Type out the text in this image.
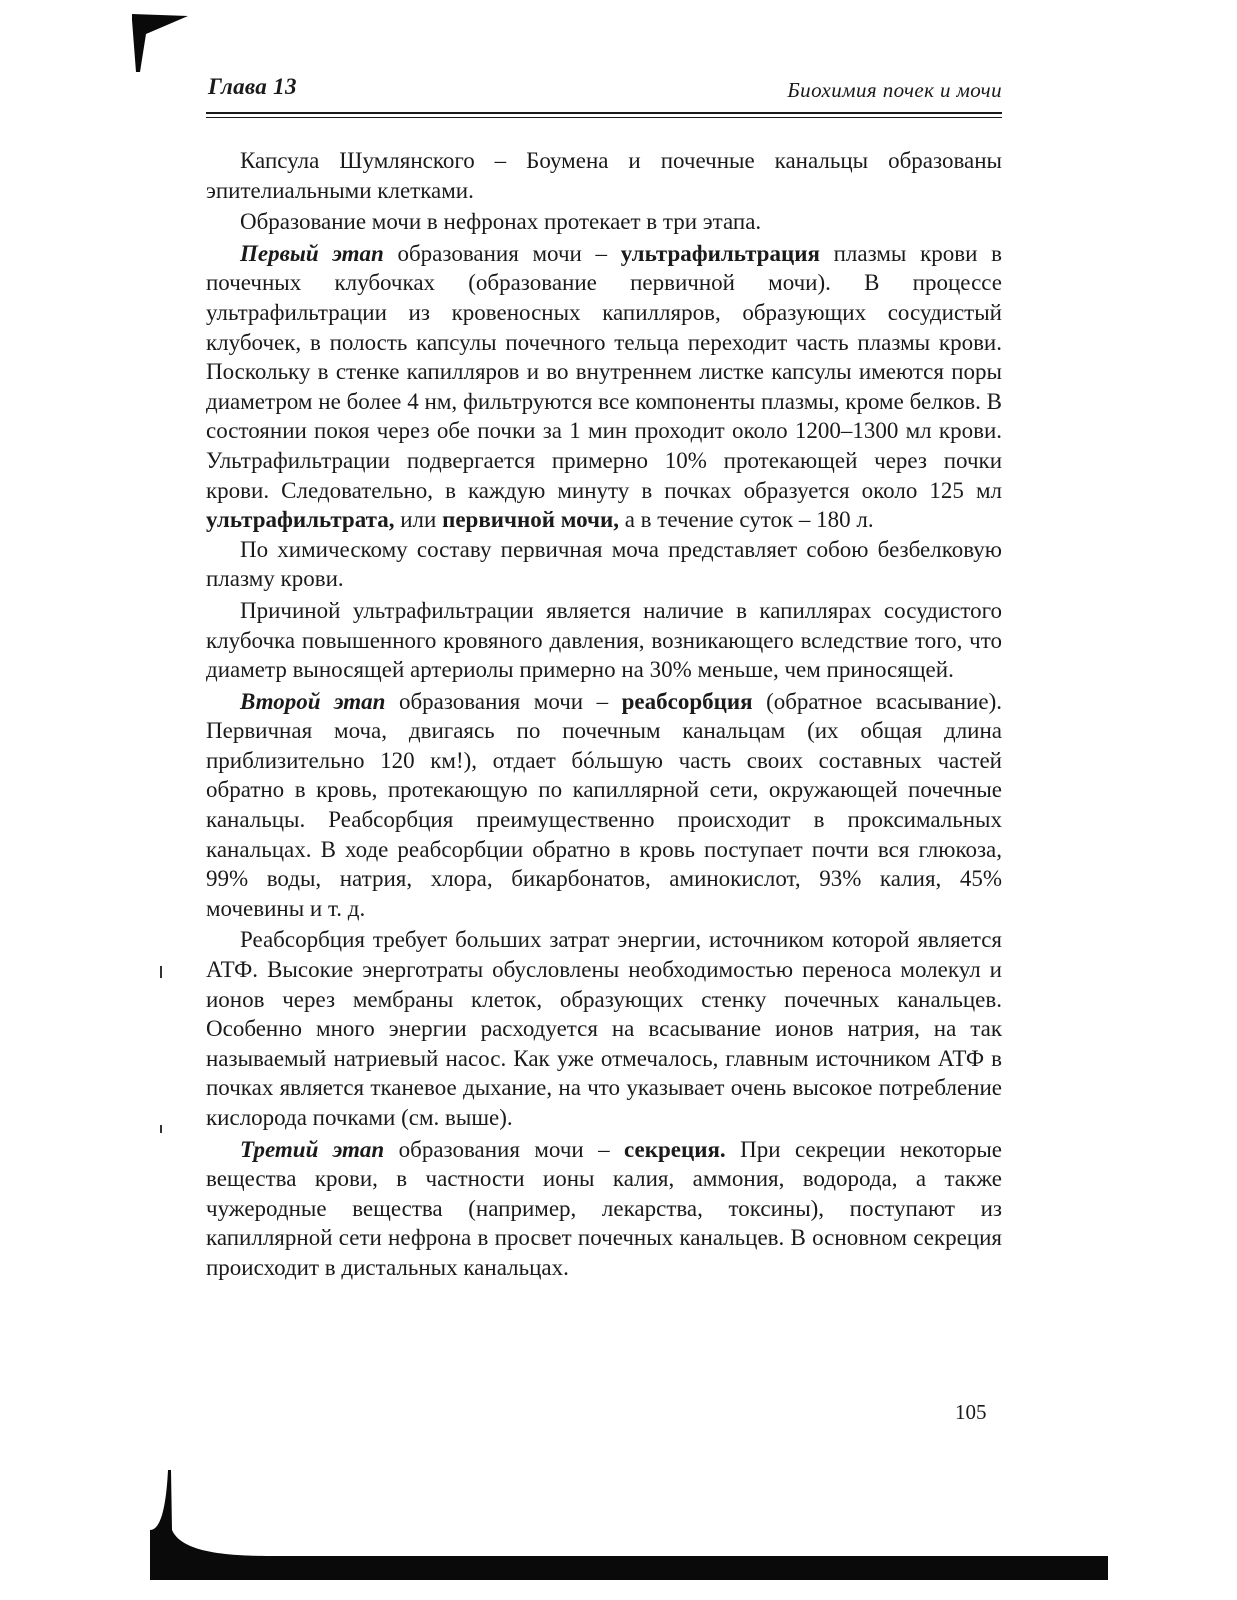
Глава 13	Биохимия почек и мочи

Капсула Шумлянского – Боумена и почечные канальцы образованы эпителиальными клетками.

Образование мочи в нефронах протекает в три этапа.

Первый этап образования мочи – ультрафильтрация плазмы крови в почечных клубочках (образование первичной мочи). В процессе ультрафильтрации из кровеносных капилляров, образующих сосудистый клубочек, в полость капсулы почечного тельца переходит часть плазмы крови. Поскольку в стенке капилляров и во внутреннем листке капсулы имеются поры диаметром не более 4 нм, фильтруются все компоненты плазмы, кроме белков. В состоянии покоя через обе почки за 1 мин проходит около 1200–1300 мл крови. Ультрафильтрации подвергается примерно 10% протекающей через почки крови. Следовательно, в каждую минуту в почках образуется около 125 мл ультрафильтрата, или первичной мочи, а в течение суток – 180 л.

По химическому составу первичная моча представляет собою безбелковую плазму крови.

Причиной ультрафильтрации является наличие в капиллярах сосудистого клубочка повышенного кровяного давления, возникающего вследствие того, что диаметр выносящей артериолы примерно на 30% меньше, чем приносящей.

Второй этап образования мочи – реабсорбция (обратное всасывание). Первичная моча, двигаясь по почечным канальцам (их общая длина приблизительно 120 км!), отдает бóльшую часть своих составных частей обратно в кровь, протекающую по капиллярной сети, окружающей почечные канальцы. Реабсорбция преимущественно происходит в проксимальных канальцах. В ходе реабсорбции обратно в кровь поступает почти вся глюкоза, 99% воды, натрия, хлора, бикарбонатов, аминокислот, 93% калия, 45% мочевины и т. д.

Реабсорбция требует больших затрат энергии, источником которой является АТФ. Высокие энерготраты обусловлены необходимостью переноса молекул и ионов через мембраны клеток, образующих стенку почечных канальцев. Особенно много энергии расходуется на всасывание ионов натрия, на так называемый натриевый насос. Как уже отмечалось, главным источником АТФ в почках является тканевое дыхание, на что указывает очень высокое потребление кислорода почками (см. выше).

Третий этап образования мочи – секреция. При секреции некоторые вещества крови, в частности ионы калия, аммония, водорода, а также чужеродные вещества (например, лекарства, токсины), поступают из капиллярной сети нефрона в просвет почечных канальцев. В основном секреция происходит в дистальных канальцах.

105
